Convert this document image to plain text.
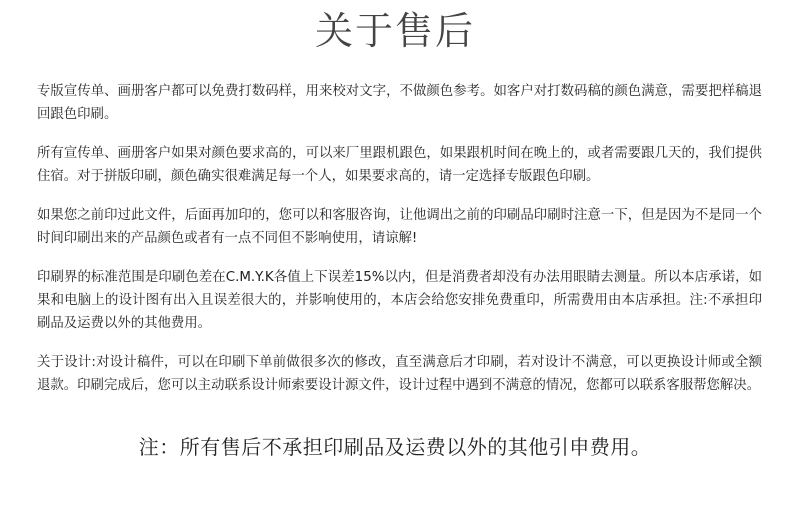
关于售后

专版宣传单、画册客户都可以免费打数码样，用来校对文字，不做颜色参考。如客户对打数码稿的颜色满意，需要把样稿退回跟色印刷。

所有宣传单、画册客户如果对颜色要求高的，可以来厂里跟机跟色，如果跟机时间在晚上的，或者需要跟几天的，我们提供住宿。对于拼版印刷，颜色确实很难满足每一个人，如果要求高的，请一定选择专版跟色印刷。

如果您之前印过此文件，后面再加印的，您可以和客服咨询，让他调出之前的印刷品印刷时注意一下，但是因为不是同一个时间印刷出来的产品颜色或者有一点不同但不影响使用，请谅解!

印刷界的标准范围是印刷色差在C.M.Y.K各值上下误差15%以内，但是消费者却没有办法用眼睛去测量。所以本店承诺，如果和电脑上的设计图有出入且误差很大的，并影响使用的，本店会给您安排免费重印，所需费用由本店承担。注:不承担印刷品及运费以外的其他费用。

关于设计:对设计稿件，可以在印刷下单前做很多次的修改，直至满意后才印刷，若对设计不满意，可以更换设计师或全额退款。印刷完成后，您可以主动联系设计师索要设计源文件，设计过程中遇到不满意的情况，您都可以联系客服帮您解决。

注：所有售后不承担印刷品及运费以外的其他引申费用。
